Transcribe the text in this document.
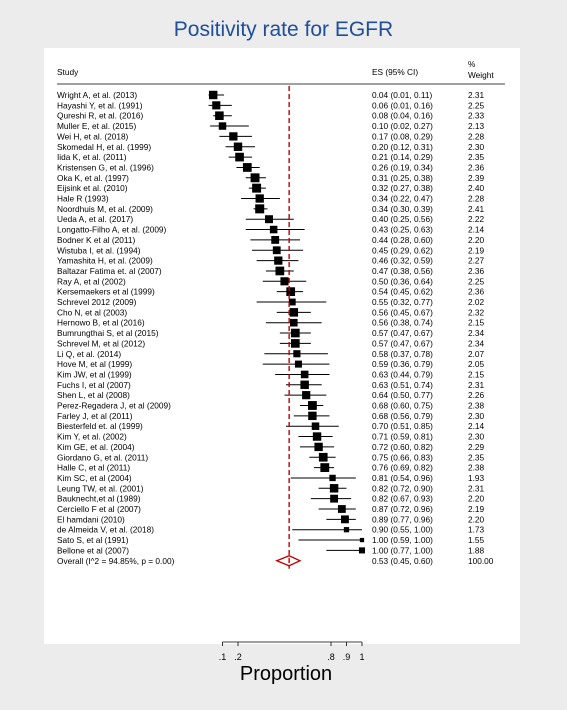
Positivity rate for EGFR
Study	ES (95% CI)
%
Weight
Wright A, et al. (2013)	0.04 (0.01, 0.11)	2.31
Hayashi Y, et al. (1991)	0.06 (0.01, 0.16)	2.25
Qureshi R, et al. (2016)	0.08 (0.04, 0.16)	2.33
Muller E, et al. (2015)	0.10 (0.02, 0.27)	2.13
Wei H, et al. (2018)	0.17 (0.08, 0.29)	2.28
Skomedal H, et al. (1999)	0.20 (0.12, 0.31)	2.30
Iida K, et al. (2011)	0.21 (0.14, 0.29)	2.35
Kristensen G, et al. (1996)	0.26 (0.19, 0.34)	2.36
Oka K, et al. (1997)	0.31 (0.25, 0.38)	2.39
Eijsink et al. (2010)	0.32 (0.27, 0.38)	2.40
Hale R (1993)	0.34 (0.22, 0.47)	2.28
Noordhuis M, et al. (2009)	0.34 (0.30, 0.39)	2.41
Ueda A, et al. (2017)	0.40 (0.25, 0.56)	2.22
Longatto-Filho A, et al. (2009)	0.43 (0.25, 0.63)	2.14
Bodner K et al (2011)	0.44 (0.28, 0.60)	2.20
Wistuba I, et al. (1994)	0.45 (0.29, 0.62)	2.19
Yamashita H, et al. (2009)	0.46 (0.32, 0.59)	2.27
Baltazar Fatima et. al (2007)	0.47 (0.38, 0.56)	2.36
Ray A, et al (2002)	0.50 (0.36, 0.64)	2.25
Kersemaekers et al (1999)	0.54 (0.45, 0.62)	2.36
Schrevel 2012 (2009)	0.55 (0.32, 0.77)	2.02
Cho N, et al (2003)	0.56 (0.45, 0.67)	2.32
Hernowo B, et al (2016)	0.56 (0.38, 0.74)	2.15
Bumrungthai S, et al (2015)	0.57 (0.47, 0.67)	2.34
Schrevel M, et al (2012)	0.57 (0.47, 0.67)	2.34
Li Q, et al. (2014)	0.58 (0.37, 0.78)	2.07
Hove M, et al (1999)	0.59 (0.36, 0.79)	2.05
Kim JW, et al (1999)	0.63 (0.44, 0.79)	2.15
Fuchs I, et al (2007)	0.63 (0.51, 0.74)	2.31
Shen L, et al (2008)	0.64 (0.50, 0.77)	2.26
Perez-Regadera J, et al (2009)	0.68 (0.60, 0.75)	2.38
Farley J, et al (2011)	0.68 (0.56, 0.79)	2.30
Biesterfeld et. al (1999)	0.70 (0.51, 0.85)	2.14
Kim Y, et al. (2002)	0.71 (0.59, 0.81)	2.30
Kim GE, et al. (2004)	0.72 (0.60, 0.82)	2.29
Giordano G, et al. (2011)	0.75 (0.66, 0.83)	2.35
Halle C, et al (2011)	0.76 (0.69, 0.82)	2.38
Kim SC, et al (2004)	0.81 (0.54, 0.96)	1.93
Leung TW, et al. (2001)	0.82 (0.72, 0.90)	2.31
Bauknecht,et al (1989)	0.82 (0.67, 0.93)	2.20
Cerciello F et al (2007)	0.87 (0.72, 0.96)	2.19
El hamdani (2010)	0.89 (0.77, 0.96)	2.20
de Almeida V, et al. (2018)	0.90 (0.55, 1.00)	1.73
Sato S, et al (1991)	1.00 (0.59, 1.00)	1.55
Bellone et al (2007)	1.00 (0.77, 1.00)	1.88
Overall (I^2 = 94.85%, p = 0.00)	0.53 (0.45, 0.60)	100.00
.1 .2	.8 .9 1
Proportion
